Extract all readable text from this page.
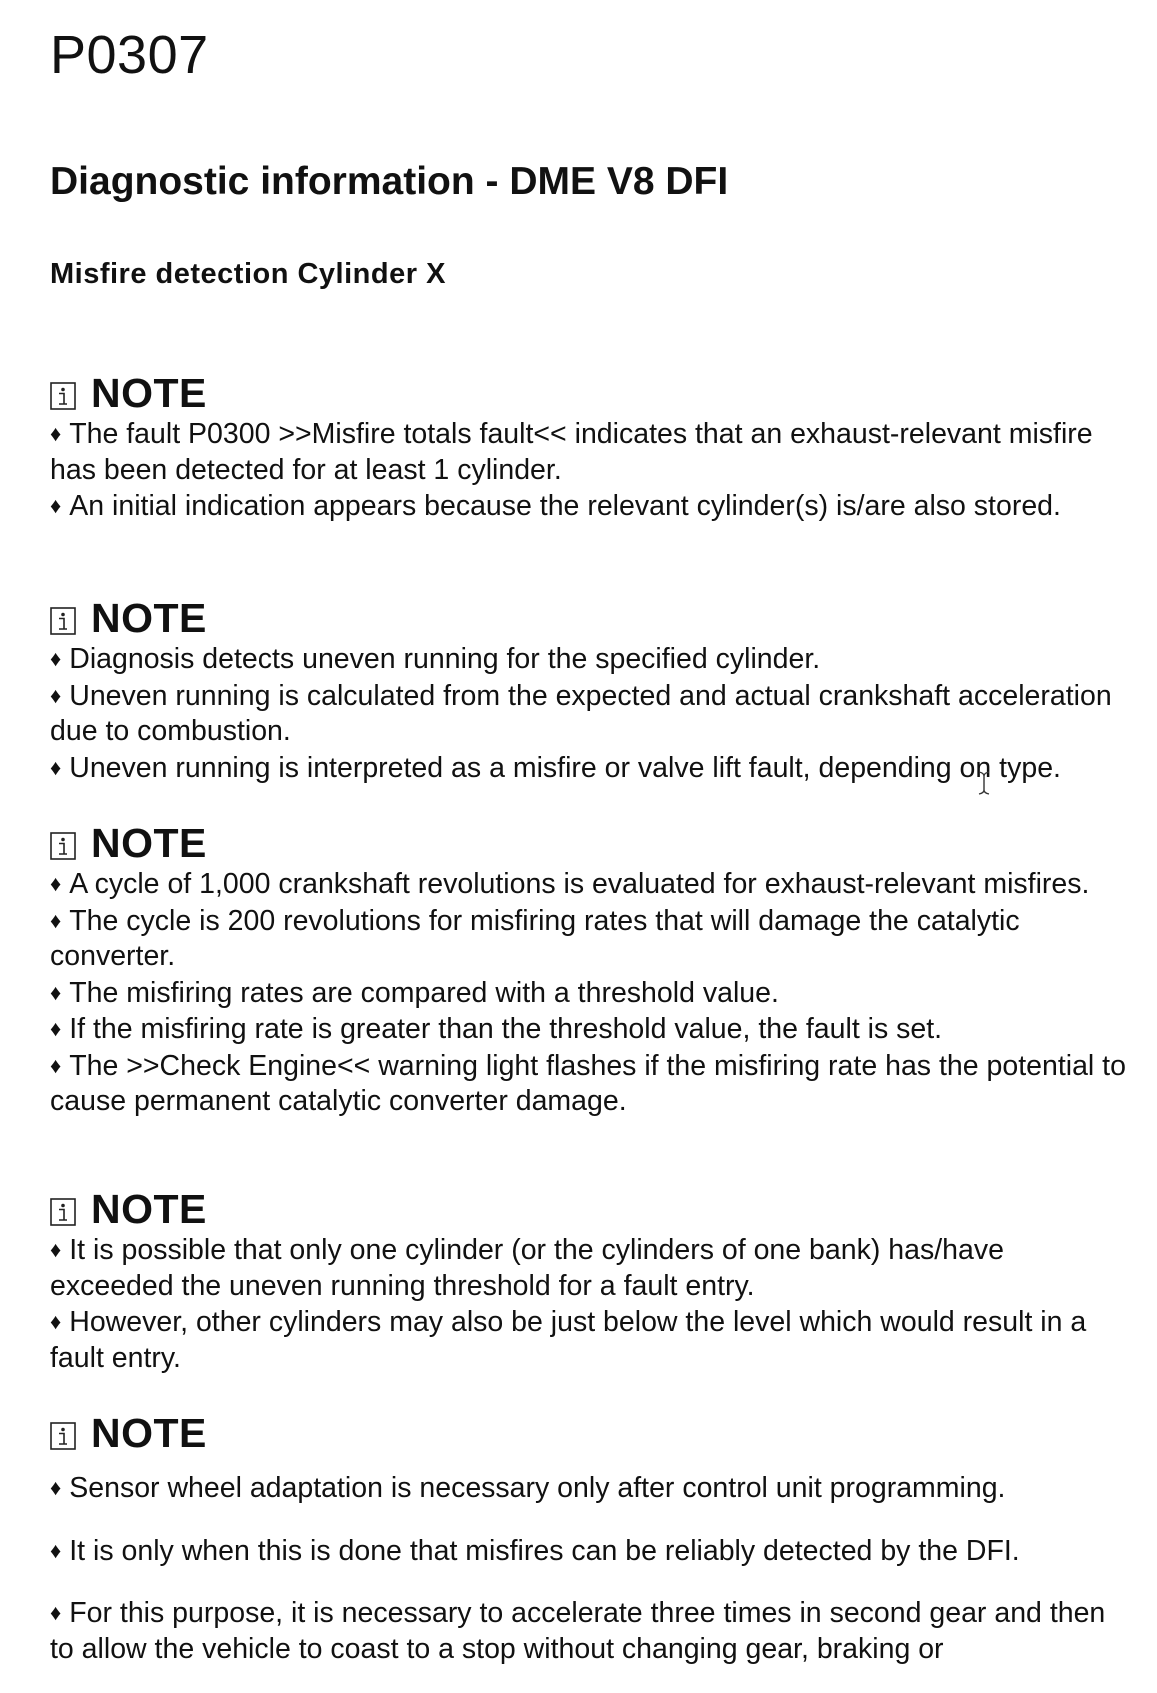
P0307
Diagnostic information - DME V8 DFI
Misfire detection Cylinder X
NOTE
♦ The fault P0300 >>Misfire totals fault<< indicates that an exhaust-relevant misfire has been detected for at least 1 cylinder.
♦ An initial indication appears because the relevant cylinder(s) is/are also stored.
NOTE
♦ Diagnosis detects uneven running for the specified cylinder.
♦ Uneven running is calculated from the expected and actual crankshaft acceleration due to combustion.
♦ Uneven running is interpreted as a misfire or valve lift fault, depending on type.
NOTE
♦ A cycle of 1,000 crankshaft revolutions is evaluated for exhaust-relevant misfires.
♦ The cycle is 200 revolutions for misfiring rates that will damage the catalytic converter.
♦ The misfiring rates are compared with a threshold value.
♦ If the misfiring rate is greater than the threshold value, the fault is set.
♦ The >>Check Engine<< warning light flashes if the misfiring rate has the potential to cause permanent catalytic converter damage.
NOTE
♦ It is possible that only one cylinder (or the cylinders of one bank) has/have exceeded the uneven running threshold for a fault entry.
♦ However, other cylinders may also be just below the level which would result in a fault entry.
NOTE
♦ Sensor wheel adaptation is necessary only after control unit programming.
♦ It is only when this is done that misfires can be reliably detected by the DFI.
♦ For this purpose, it is necessary to accelerate three times in second gear and then to allow the vehicle to coast to a stop without changing gear, braking or
